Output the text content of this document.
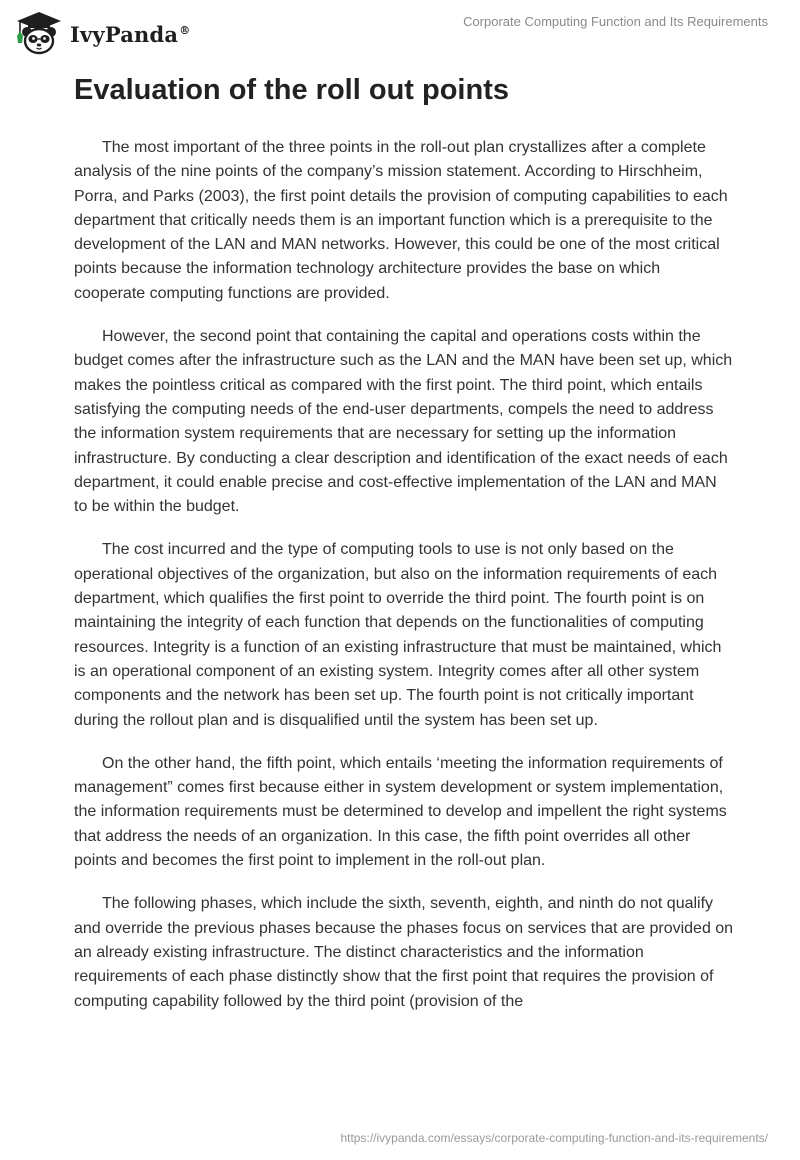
IvyPanda®
Corporate Computing Function and Its Requirements
Evaluation of the roll out points

The most important of the three points in the roll-out plan crystallizes after a complete analysis of the nine points of the company’s mission statement. According to Hirschheim, Porra, and Parks (2003), the first point details the provision of computing capabilities to each department that critically needs them is an important function which is a prerequisite to the development of the LAN and MAN networks. However, this could be one of the most critical points because the information technology architecture provides the base on which cooperate computing functions are provided.

However, the second point that containing the capital and operations costs within the budget comes after the infrastructure such as the LAN and the MAN have been set up, which makes the pointless critical as compared with the first point. The third point, which entails satisfying the computing needs of the end-user departments, compels the need to address the information system requirements that are necessary for setting up the information infrastructure. By conducting a clear description and identification of the exact needs of each department, it could enable precise and cost-effective implementation of the LAN and MAN to be within the budget.

The cost incurred and the type of computing tools to use is not only based on the operational objectives of the organization, but also on the information requirements of each department, which qualifies the first point to override the third point. The fourth point is on maintaining the integrity of each function that depends on the functionalities of computing resources. Integrity is a function of an existing infrastructure that must be maintained, which is an operational component of an existing system. Integrity comes after all other system components and the network has been set up. The fourth point is not critically important during the rollout plan and is disqualified until the system has been set up.

On the other hand, the fifth point, which entails ‘meeting the information requirements of management” comes first because either in system development or system implementation, the information requirements must be determined to develop and impellent the right systems that address the needs of an organization. In this case, the fifth point overrides all other points and becomes the first point to implement in the roll-out plan.

The following phases, which include the sixth, seventh, eighth, and ninth do not qualify and override the previous phases because the phases focus on services that are provided on an already existing infrastructure. The distinct characteristics and the information requirements of each phase distinctly show that the first point that requires the provision of computing capability followed by the third point (provision of the

https://ivypanda.com/essays/corporate-computing-function-and-its-requirements/
